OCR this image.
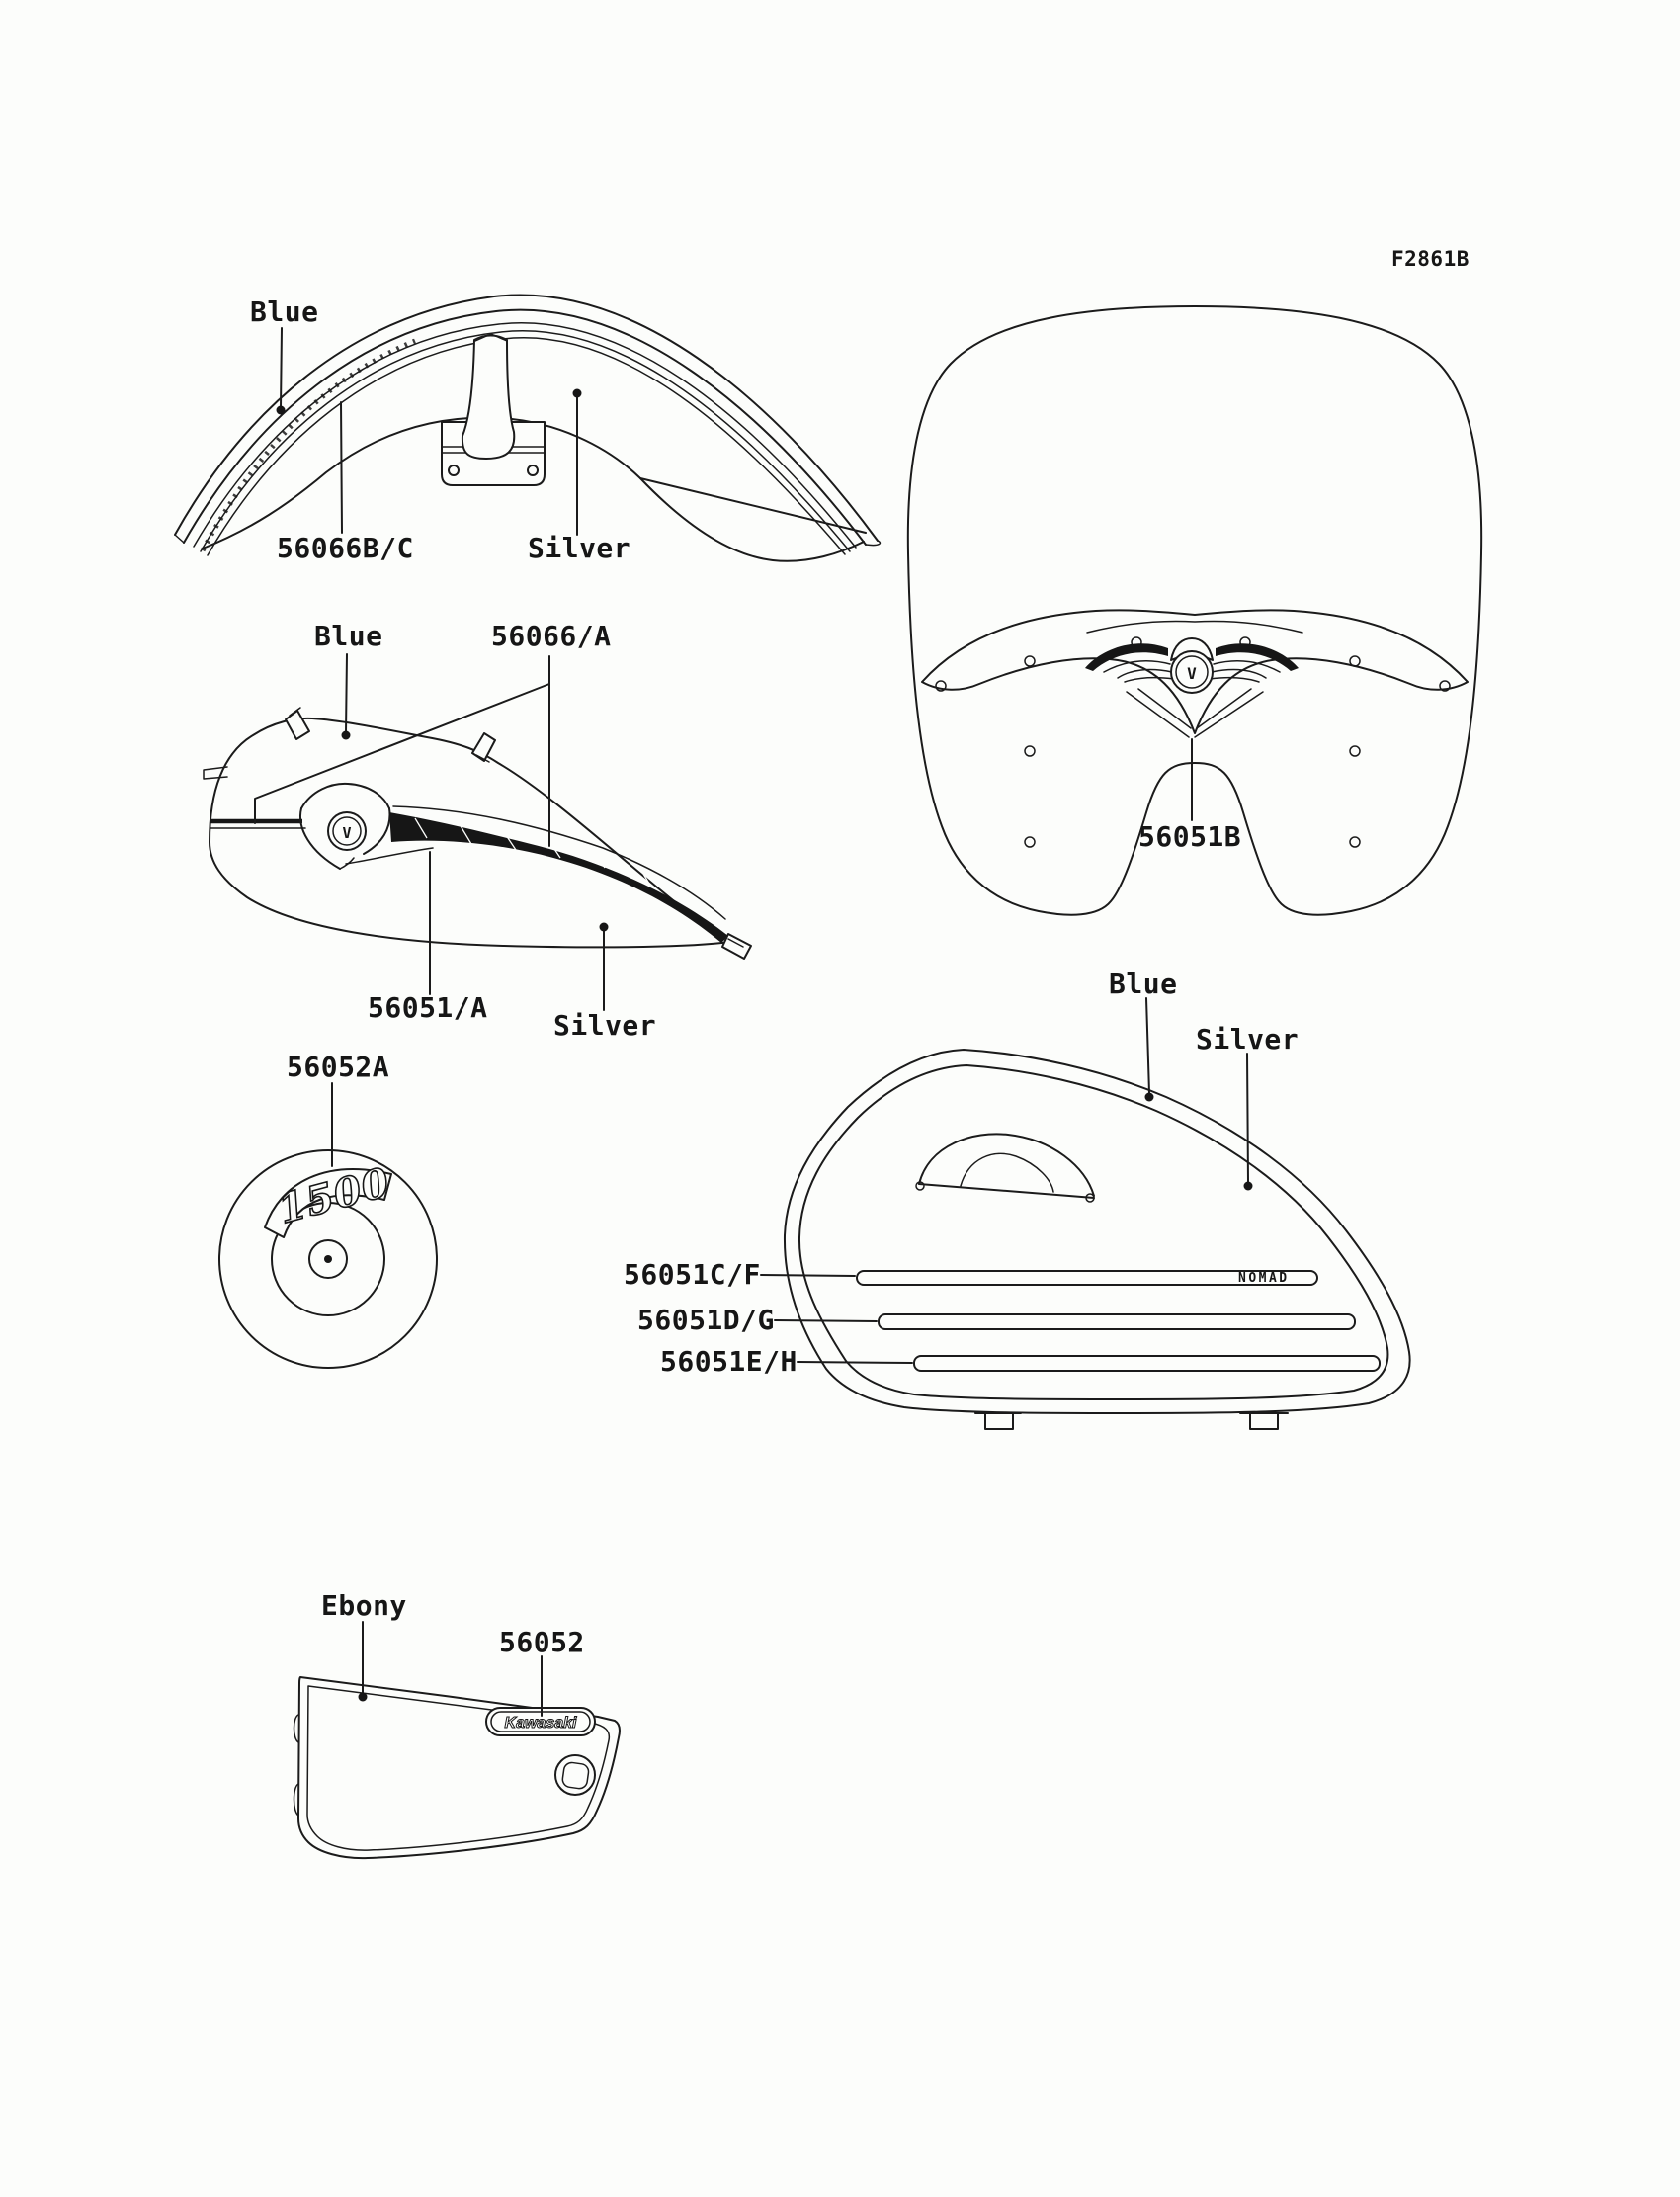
V
V
1500
NOMAD
Kawasaki
F2861B
Blue
56066B/C	Silver
Blue	56066/A
56051/A
Silver
56051B
56052A
Blue
Silver
56051C/F
56051D/G
56051E/H
Ebony
56052
